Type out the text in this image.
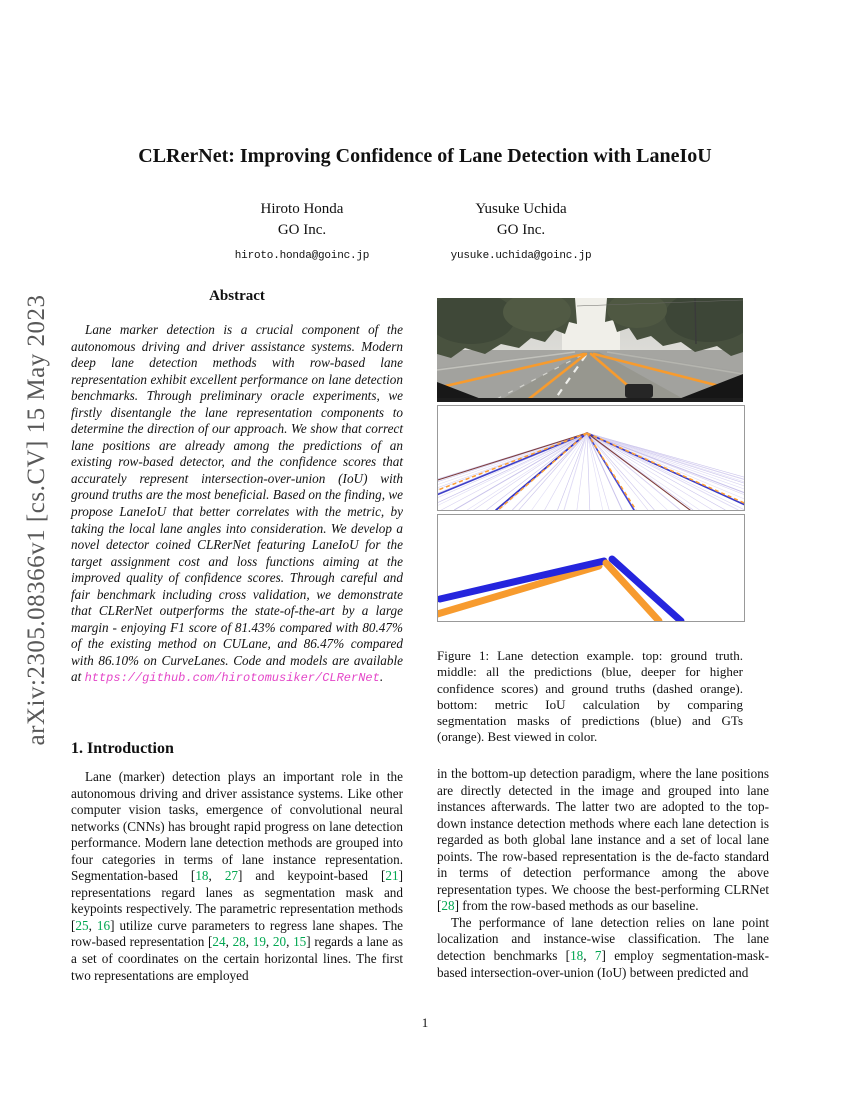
arXiv:2305.08366v1 [cs.CV] 15 May 2023
CLRerNet: Improving Confidence of Lane Detection with LaneIoU
Hiroto Honda
GO Inc.
hiroto.honda@goinc.jp
Yusuke Uchida
GO Inc.
yusuke.uchida@goinc.jp
Abstract
Lane marker detection is a crucial component of the autonomous driving and driver assistance systems. Modern deep lane detection methods with row-based lane representation exhibit excellent performance on lane detection benchmarks. Through preliminary oracle experiments, we firstly disentangle the lane representation components to determine the direction of our approach. We show that correct lane positions are already among the predictions of an existing row-based detector, and the confidence scores that accurately represent intersection-over-union (IoU) with ground truths are the most beneficial. Based on the finding, we propose LaneIoU that better correlates with the metric, by taking the local lane angles into consideration. We develop a novel detector coined CLRerNet featuring LaneIoU for the target assignment cost and loss functions aiming at the improved quality of confidence scores. Through careful and fair benchmark including cross validation, we demonstrate that CLRerNet outperforms the state-of-the-art by a large margin - enjoying F1 score of 81.43% compared with 80.47% of the existing method on CULane, and 86.47% compared with 86.10% on CurveLanes. Code and models are available at https://github.com/hirotomusiker/CLRerNet.
1. Introduction
Lane (marker) detection plays an important role in the autonomous driving and driver assistance systems. Like other computer vision tasks, emergence of convolutional neural networks (CNNs) has brought rapid progress on lane detection performance. Modern lane detection methods are grouped into four categories in terms of lane instance representation. Segmentation-based [18, 27] and keypoint-based [21] representations regard lanes as segmentation mask and keypoints respectively. The parametric representation methods [25, 16] utilize curve parameters to regress lane shapes. The row-based representation [24, 28, 19, 20, 15] regards a lane as a set of coordinates on the certain horizontal lines. The first two representations are employed
Figure 1: Lane detection example. top: ground truth. middle: all the predictions (blue, deeper for higher confidence scores) and ground truths (dashed orange). bottom: metric IoU calculation by comparing segmentation masks of predictions (blue) and GTs (orange). Best viewed in color.

in the bottom-up detection paradigm, where the lane positions are directly detected in the image and grouped into lane instances afterwards. The latter two are adopted to the top-down instance detection methods where each lane detection is regarded as both global lane instance and a set of local lane points. The row-based representation is the de-facto standard in terms of detection performance among the above representation types. We choose the best-performing CLRNet [28] from the row-based methods as our baseline.

The performance of lane detection relies on lane point localization and instance-wise classification. The lane detection benchmarks [18, 7] employ segmentation-mask-based intersection-over-union (IoU) between predicted and

1
